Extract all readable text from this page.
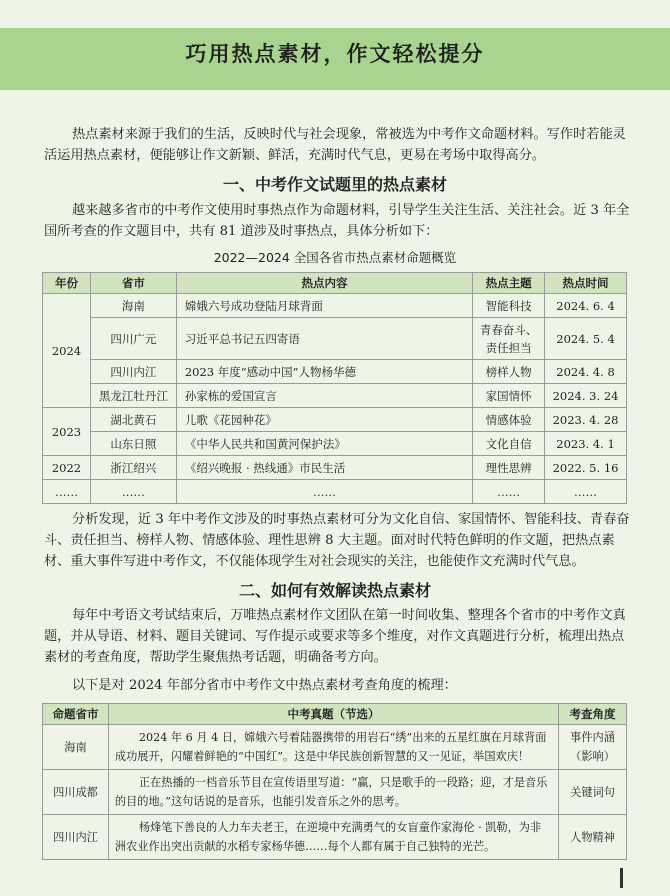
巧用热点素材，作文轻松提分

热点素材来源于我们的生活，反映时代与社会现象，常被选为中考作文命题材料。写作时若能灵活运用热点素材，便能够让作文新颖、鲜活，充满时代气息，更易在考场中取得高分。

一、中考作文试题里的热点素材

越来越多省市的中考作文使用时事热点作为命题材料，引导学生关注生活、关注社会。近 3 年全国所考查的作文题目中，共有 81 道涉及时事热点，具体分析如下：

2022—2024 全国各省市热点素材命题概览
年份	省市	热点内容	热点主题	热点时间
2024	海南	嫦娥六号成功登陆月球背面	智能科技	2024. 6. 4
	四川广元	习近平总书记五四寄语	青春奋斗、责任担当	2024. 5. 4
	四川内江	2023 年度“感动中国”人物杨华德	榜样人物	2024. 4. 8
	黑龙江牡丹江	孙家栋的爱国宣言	家国情怀	2024. 3. 24
2023	湖北黄石	儿歌《花园种花》	情感体验	2023. 4. 28
	山东日照	《中华人民共和国黄河保护法》	文化自信	2023. 4. 1
2022	浙江绍兴	《绍兴晚报 · 热线通》市民生活	理性思辨	2022. 5. 16
……	……	……	……	……

分析发现，近 3 年中考作文涉及的时事热点素材可分为文化自信、家国情怀、智能科技、青春奋斗、责任担当、榜样人物、情感体验、理性思辨 8 大主题。面对时代特色鲜明的作文题，把热点素材、重大事件写进中考作文，不仅能体现学生对社会现实的关注，也能使作文充满时代气息。

二、如何有效解读热点素材

每年中考语文考试结束后，万唯热点素材作文团队在第一时间收集、整理各个省市的中考作文真题，并从导语、材料、题目关键词、写作提示或要求等多个维度，对作文真题进行分析，梳理出热点素材的考查角度，帮助学生聚焦热考话题，明确备考方向。

以下是对 2024 年部分省市中考作文中热点素材考查角度的梳理：

命题省市	中考真题（节选）	考查角度
海南	2024 年 6 月 4 日，嫦娥六号着陆器携带的用岩石“绣”出来的五星红旗在月球背面成功展开，闪耀着鲜艳的“中国红”。这是中华民族创新智慧的又一见证，举国欢庆！	事件内涵（影响）
四川成都	正在热播的一档音乐节目在宣传语里写道：“赢，只是歌手的一段路；迎，才是音乐的目的地。”这句话说的是音乐，也能引发音乐之外的思考。	关键词句
四川内江	杨烽笔下善良的人力车夫老王，在逆境中充满勇气的女盲童作家海伦 · 凯勒，为非洲农业作出突出贡献的水稻专家杨华德……每个人都有属于自己独特的光芒。	人物精神
